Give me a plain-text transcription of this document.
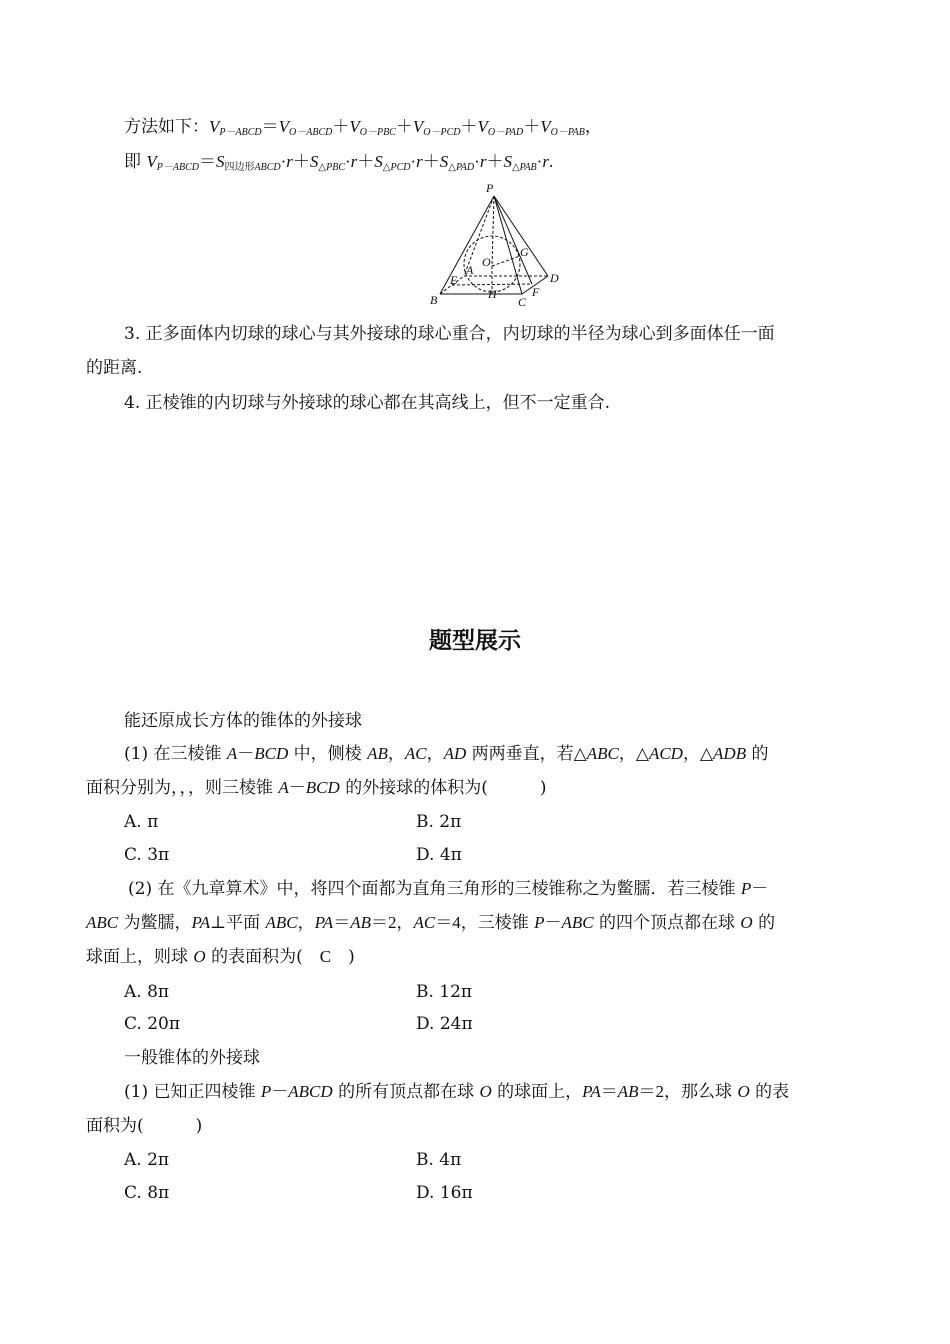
方法如下：$V_{P-ABCD}=V_{O-ABCD}+V_{O-PBC}+V_{O-PCD}+V_{O-PAD}+V_{O-PAB}$，
即 $V_{P-ABCD}=S_{四边形ABCD}\cdot r+S_{\triangle PBC}\cdot r+S_{\triangle PCD}\cdot r+S_{\triangle PAD}\cdot r+S_{\triangle PAB}\cdot r$.
P
O
G
D
B	H
C
F
A
E
3. 正多面体内切球的球心与其外接球的球心重合，内切球的半径为球心到多面体任一面
的距离.
4. 正棱锥的内切球与外接球的球心都在其高线上，但不一定重合.
题型展示
能还原成长方体的锥体的外接球
(1) 在三棱锥 A－BCD 中，侧棱 AB，AC，AD 两两垂直，若△ABC，△ACD，△ADB 的
面积分别为，，，则三棱锥 A－BCD 的外接球的体积为(	)
A. π	B. 2π
C. 3π	D. 4π
(2) 在《九章算术》中，将四个面都为直角三角形的三棱锥称之为鳖臑．若三棱锥 P－
ABC 为鳖臑，PA⊥平面 ABC，PA＝AB＝2，AC＝4，三棱锥 P－ABC 的四个顶点都在球 O 的
球面上，则球 O 的表面积为(　C　)
A. 8π	B. 12π
C. 20π	D. 24π
一般锥体的外接球
(1) 已知正四棱锥 P－ABCD 的所有顶点都在球 O 的球面上，PA＝AB＝2，那么球 O 的表
面积为(	)
A. 2π	B. 4π
C. 8π	D. 16π
